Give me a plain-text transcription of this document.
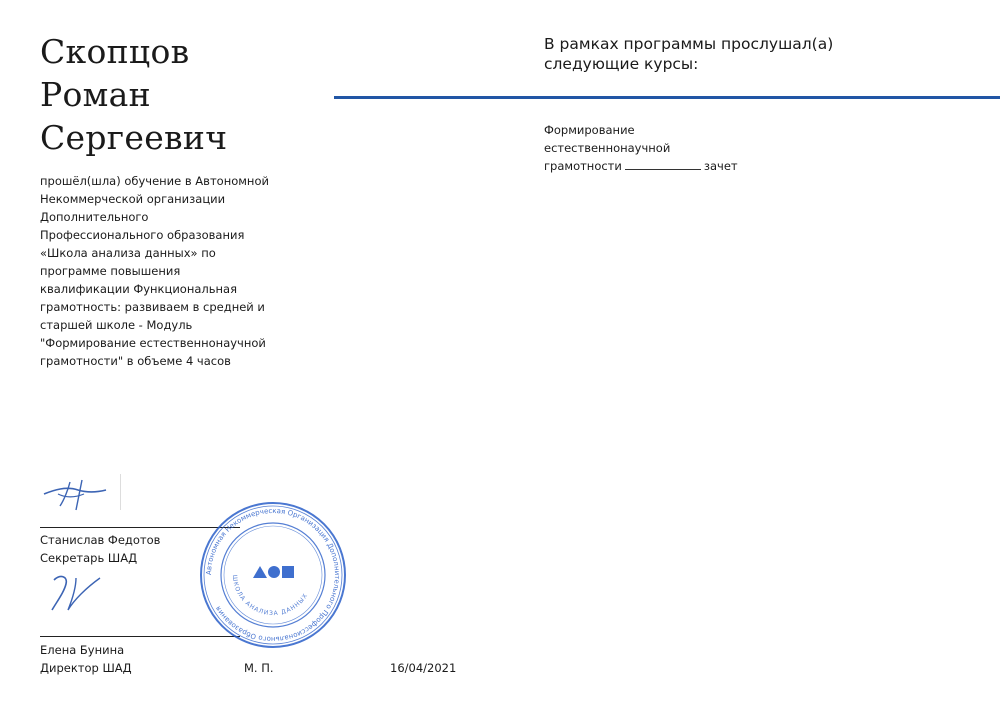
Скопцов
Роман
Сергеевич
прошёл(шла) обучение в Автономной
Некоммерческой организации
Дополнительного
Профессионального образования
«Школа анализа данных» по
программе повышения
квалификации Функциональная
грамотность: развиваем в средней и
старшей школе - Модуль
"Формирование естественнонаучной
грамотности" в объеме 4 часов
В рамках программы прослушал(а)
следующие курсы:
Формирование
естественнонаучной
грамотности	зачет
Станислав Федотов
Секретарь ШАД
Елена Бунина
Директор ШАД	М. П.	16/04/2021
Автономная Некоммерческая Организация Дополнительного Профессионального Образования
ШКОЛА АНАЛИЗА ДАННЫХ
